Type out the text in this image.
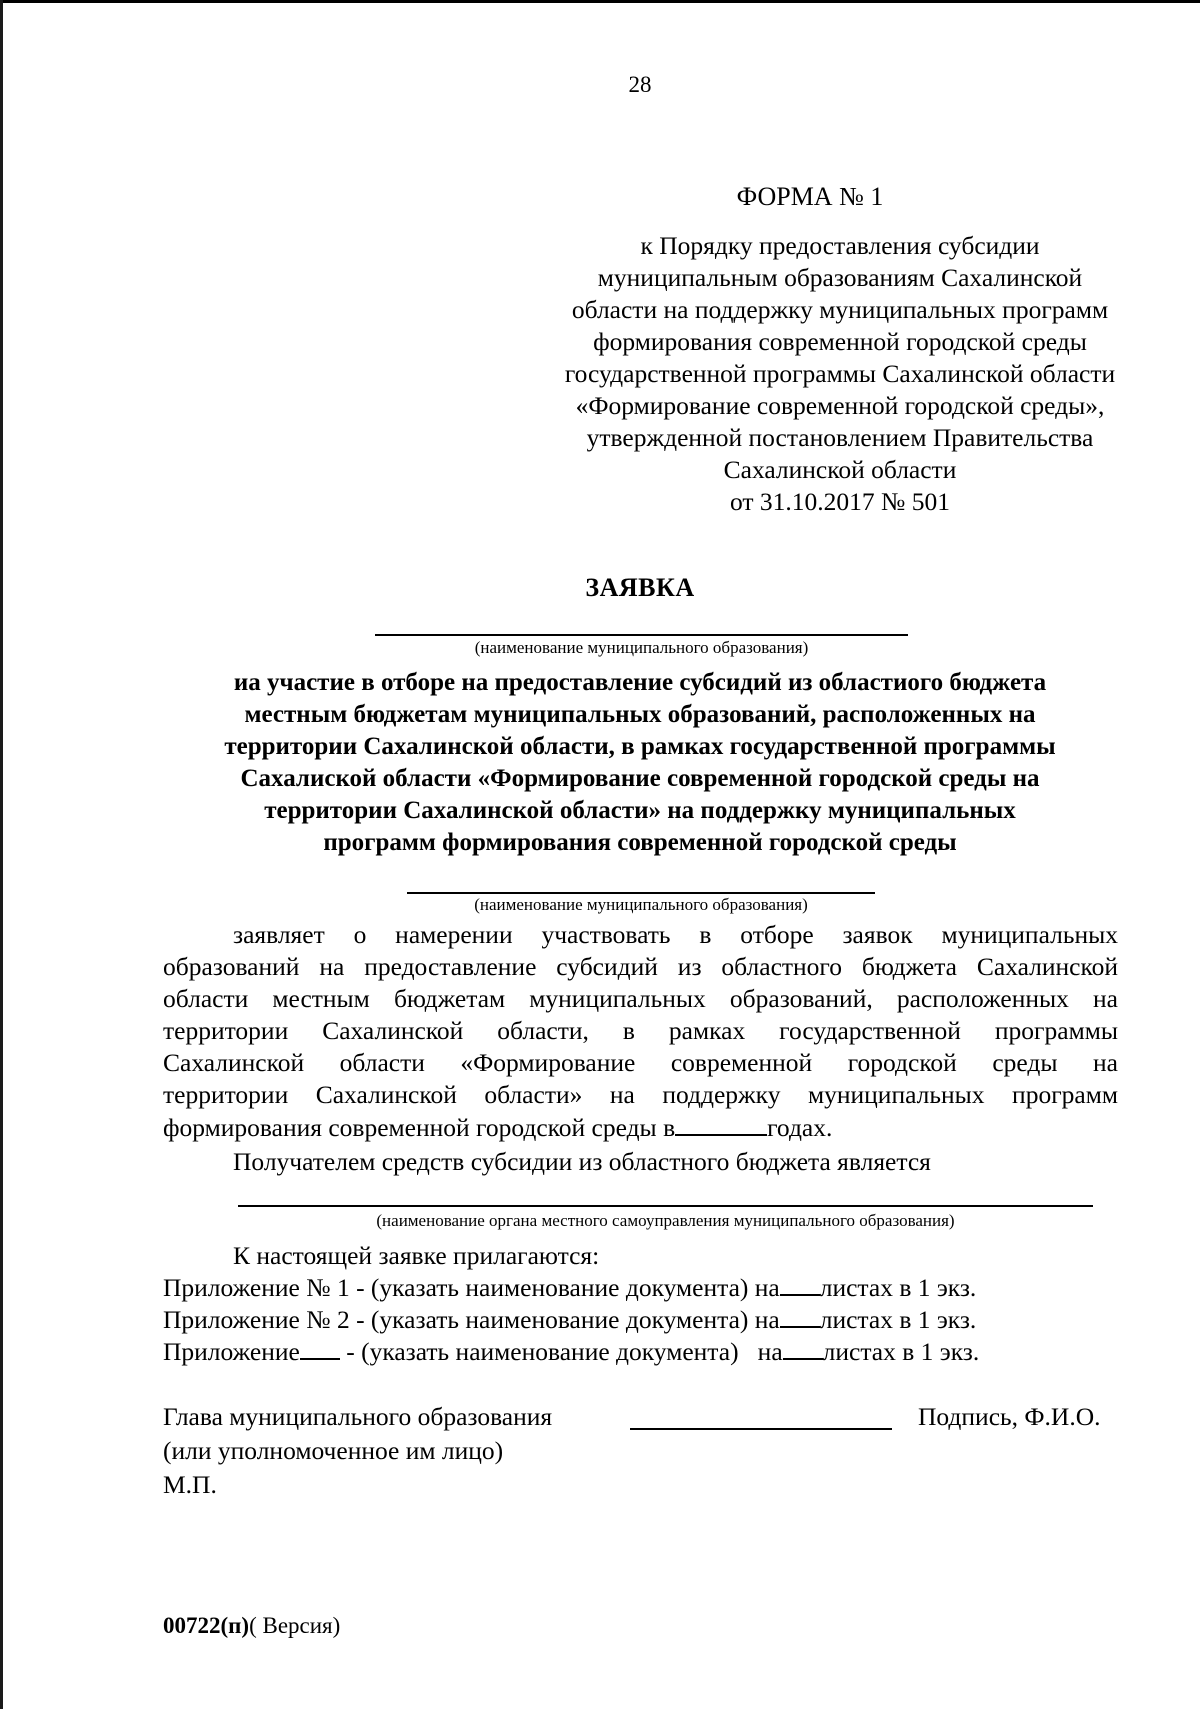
28
ФОРМА № 1
к Порядку предоставления субсидии
муниципальным образованиям Сахалинской
области на поддержку муниципальных программ
формирования современной городской среды
государственной программы Сахалинской области
«Формирование современной городской среды»,
утвержденной постановлением Правительства
Сахалинской области
от 31.10.2017 № 501
ЗАЯВКА
(наименование муниципального образования)
иа участие в отборе на предоставление субсидий из областиого бюджета
местным бюджетам муниципальных образований, расположенных на
территории Сахалинской области, в рамках государственной программы
Сахалиской области «Формирование современной городской среды на
территории Сахалинской области» на поддержку муниципальных
программ формирования современной городской среды
(наименование муниципального образования)
заявляет о намерении участвовать в отборе заявок муниципальных
образований на предоставление субсидий из областного бюджета Сахалинской
области местным бюджетам муниципальных образований, расположенных на
территории Сахалинской области, в рамках государственной программы
Сахалинской области «Формирование современной городской среды на
территории Сахалинской области» на поддержку муниципальных программ
формирования современной городской среды в	годах.
Получателем средств субсидии из областного бюджета является
(наименование органа местного самоуправления муниципального образования)
К настоящей заявке прилагаются:
Приложение № 1 - (указать наименование документа) на листах в 1 экз.
Приложение № 2 - (указать наименование документа) на листах в 1 экз.
Приложение - (указать наименование документа)   на листах в 1 экз.
Глава муниципального образования	Подпись, Ф.И.О.
(или уполномоченное им лицо)
М.П.
00722(п)( Версия)
